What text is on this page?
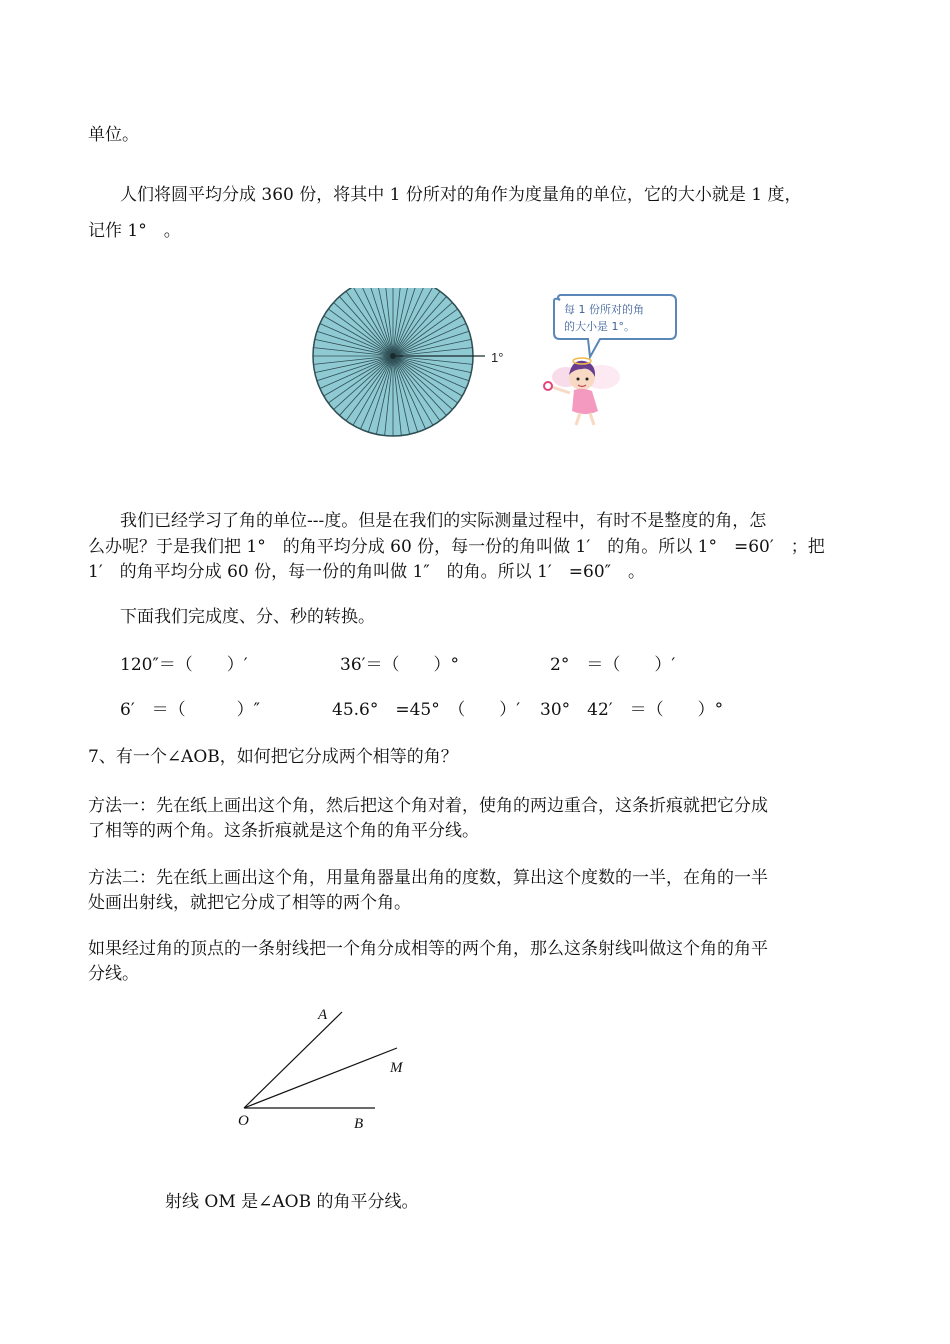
单位。
人们将圆平均分成 360 份，将其中 1 份所对的角作为度量角的单位，它的大小就是 1 度，
记作 1°　。
1°
每 1 份所对的角
的大小是 1°。
我们已经学习了角的单位---度。但是在我们的实际测量过程中，有时不是整度的角，怎
么办呢？于是我们把 1°　的角平均分成 60 份，每一份的角叫做 1′　的角。所以 1°　=60′　；把
1′　的角平均分成 60 份，每一份的角叫做 1″　的角。所以 1′　=60″　。
下面我们完成度、分、秒的转换。
120″＝（　　）′	36′＝（　　）°	2°　＝（　　）′
6′　＝（　　　）″	45.6°　=45°　（　　）′ 30°　42′　＝（　　）°
7、有一个∠AOB，如何把它分成两个相等的角？
方法一：先在纸上画出这个角，然后把这个角对着，使角的两边重合，这条折痕就把它分成
了相等的两个角。这条折痕就是这个角的角平分线。
方法二：先在纸上画出这个角，用量角器量出角的度数，算出这个度数的一半，在角的一半
处画出射线，就把它分成了相等的两个角。
如果经过角的顶点的一条射线把一个角分成相等的两个角，那么这条射线叫做这个角的角平
分线。
A
M
O	B
射线 OM 是∠AOB 的角平分线。
